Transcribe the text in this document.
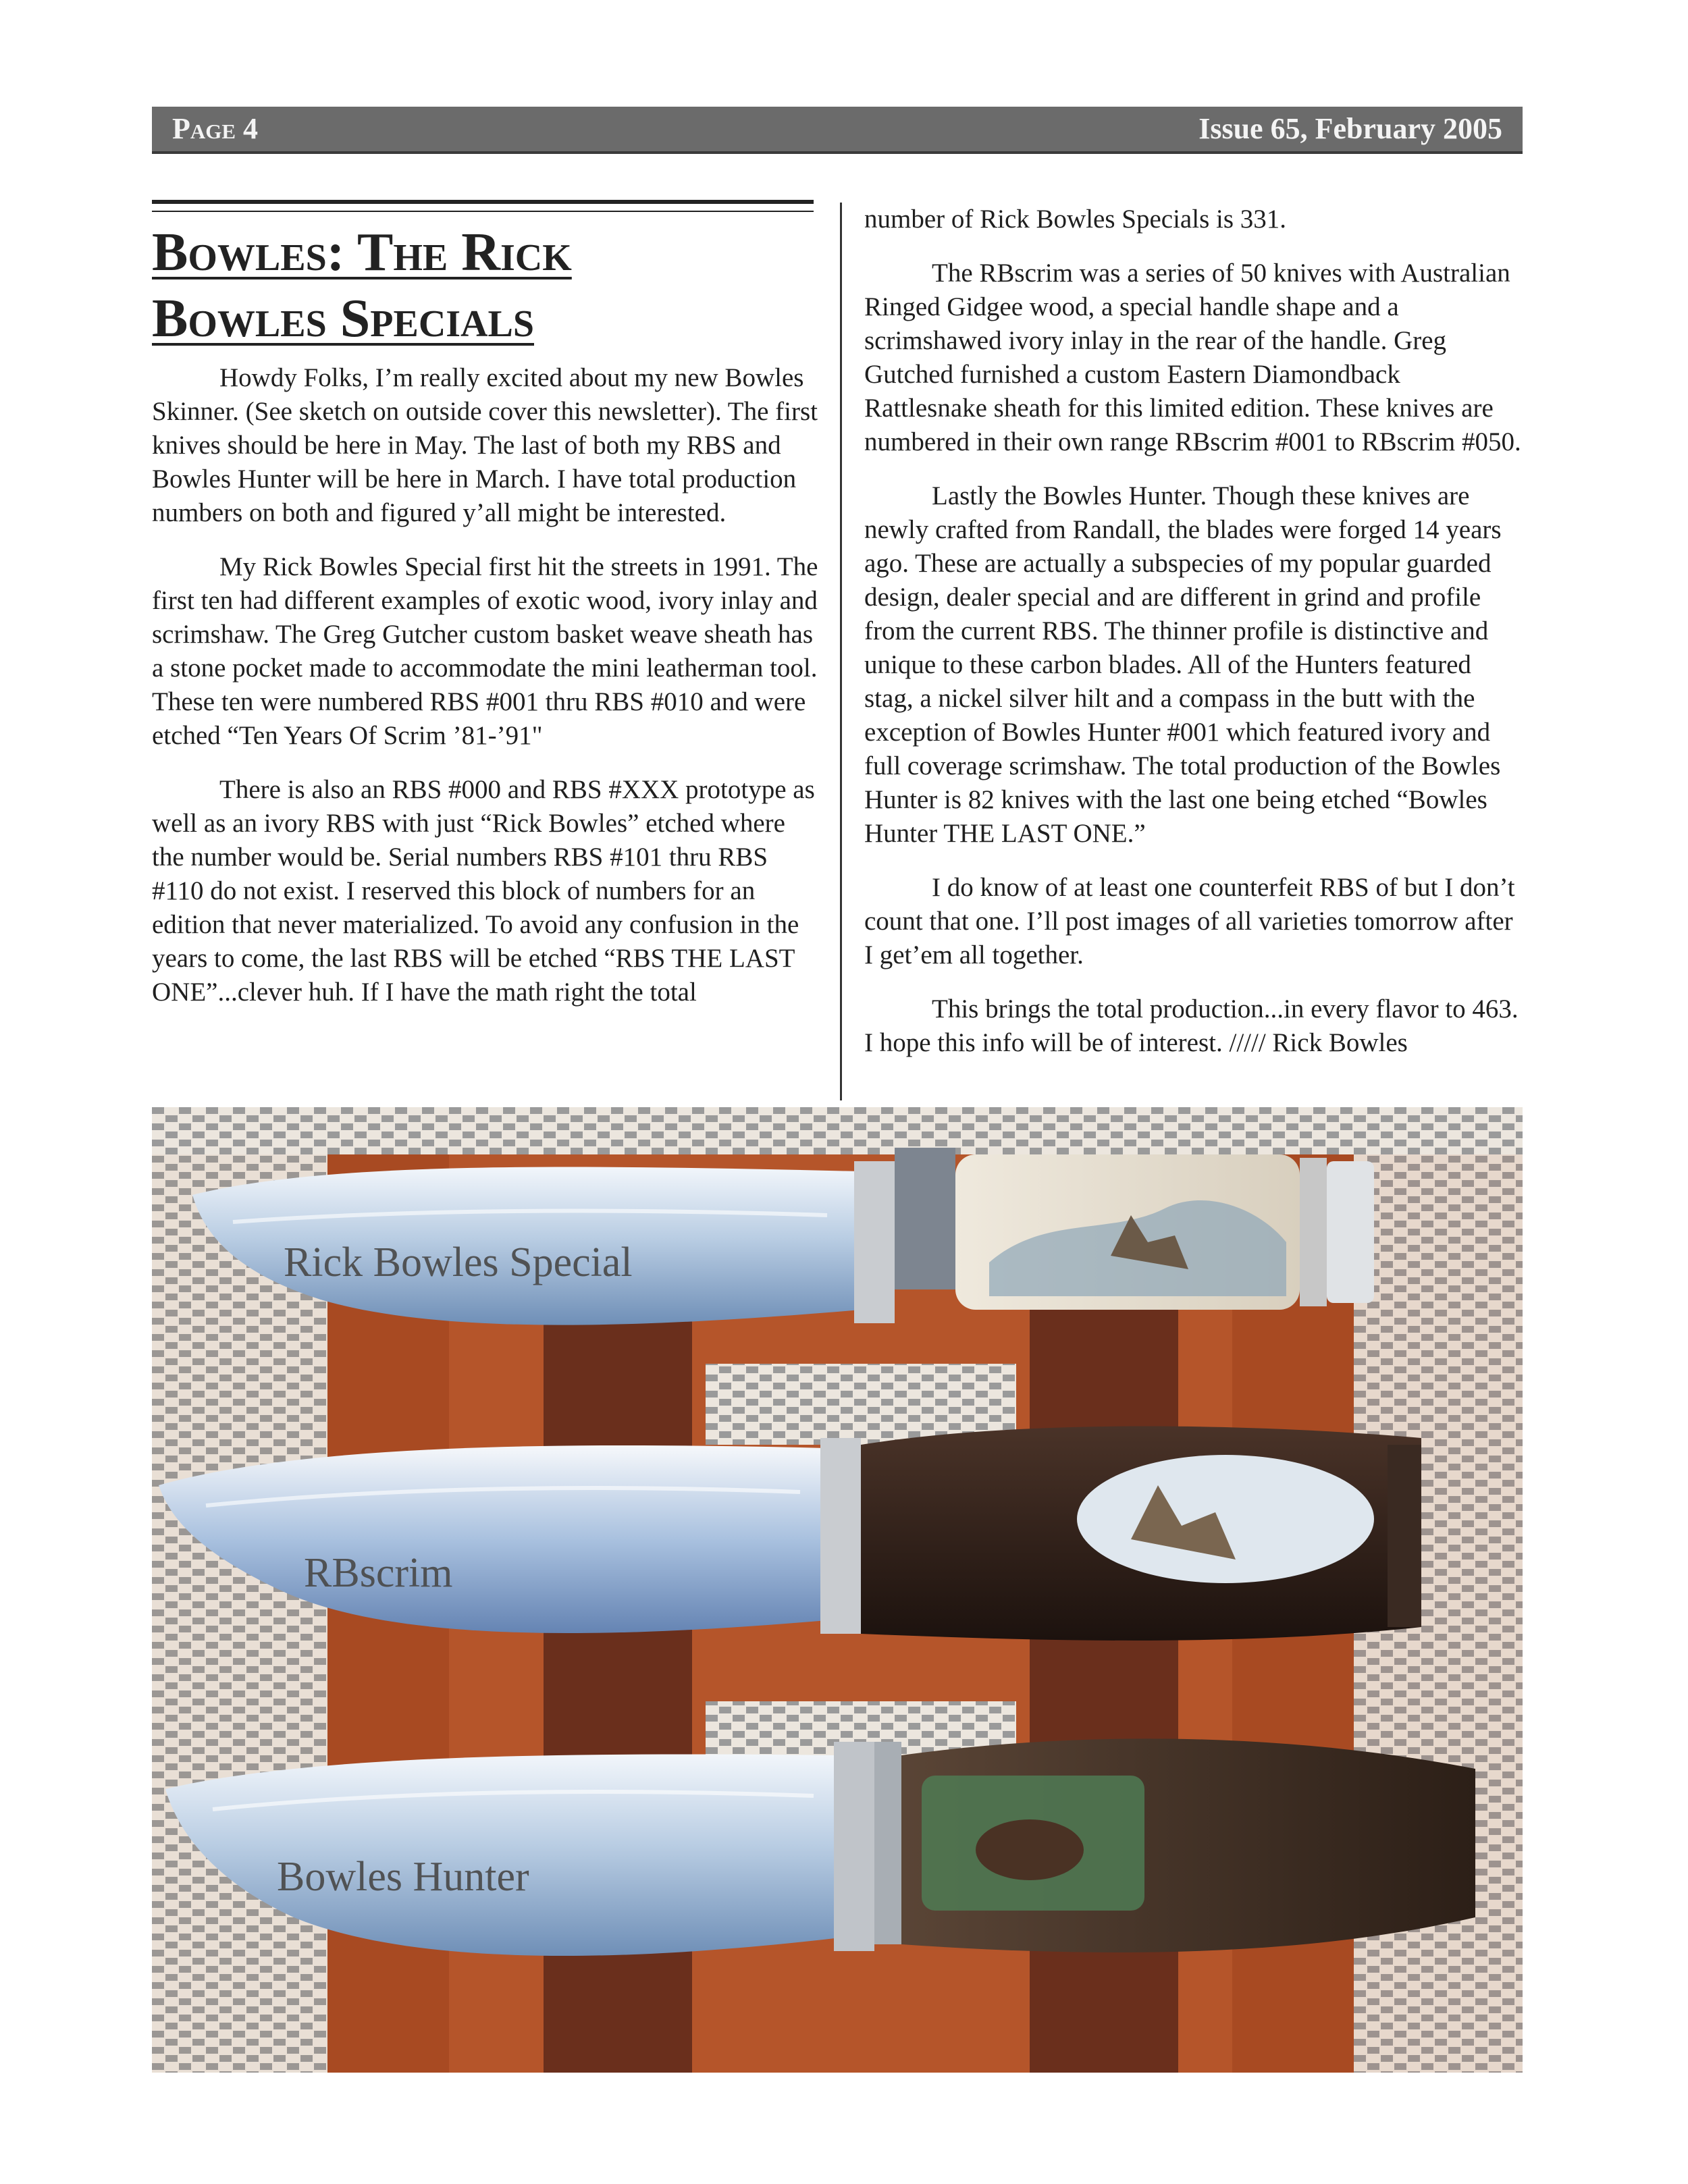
Page 4	Issue 65, February 2005
Bowles: The Rick Bowles Specials

Howdy Folks, I’m really excited about my new Bowles Skinner. (See sketch on outside cover this newsletter). The first knives should be here in May. The last of both my RBS and Bowles Hunter will be here in March. I have total production numbers on both and figured y’all might be interested.

My Rick Bowles Special first hit the streets in 1991. The first ten had different examples of exotic wood, ivory inlay and scrimshaw. The Greg Gutcher custom basket weave sheath has a stone pocket made to accommodate the mini leatherman tool. These ten were numbered RBS #001 thru RBS #010 and were etched “Ten Years Of Scrim ’81-’91"

There is also an RBS #000 and RBS #XXX prototype as well as an ivory RBS with just “Rick Bowles” etched where the number would be. Serial numbers RBS #101 thru RBS #110 do not exist. I reserved this block of numbers for an edition that never materialized. To avoid any confusion in the years to come, the last RBS will be etched “RBS THE LAST ONE”...clever huh. If I have the math right the total

number of Rick Bowles Specials is 331.

The RBscrim was a series of 50 knives with Australian Ringed Gidgee wood, a special handle shape and a scrimshawed ivory inlay in the rear of the handle. Greg Gutched furnished a custom Eastern Diamondback Rattlesnake sheath for this limited edition. These knives are numbered in their own range RBscrim #001 to RBscrim #050.

Lastly the Bowles Hunter. Though these knives are newly crafted from Randall, the blades were forged 14 years ago. These are actually a subspecies of my popular guarded design, dealer special and are different in grind and profile from the current RBS. The thinner profile is distinctive and unique to these carbon blades. All of the Hunters featured stag, a nickel silver hilt and a compass in the butt with the exception of Bowles Hunter #001 which featured ivory and full coverage scrimshaw. The total production of the Bowles Hunter is 82 knives with the last one being etched “Bowles Hunter THE LAST ONE.”

I do know of at least one counterfeit RBS of but I don’t count that one. I’ll post images of all varieties tomorrow after I get’em all together.

This brings the total production...in every flavor to 463. I hope this info will be of interest. ///// Rick Bowles

Rick Bowles Special
RBscrim
Bowles Hunter
